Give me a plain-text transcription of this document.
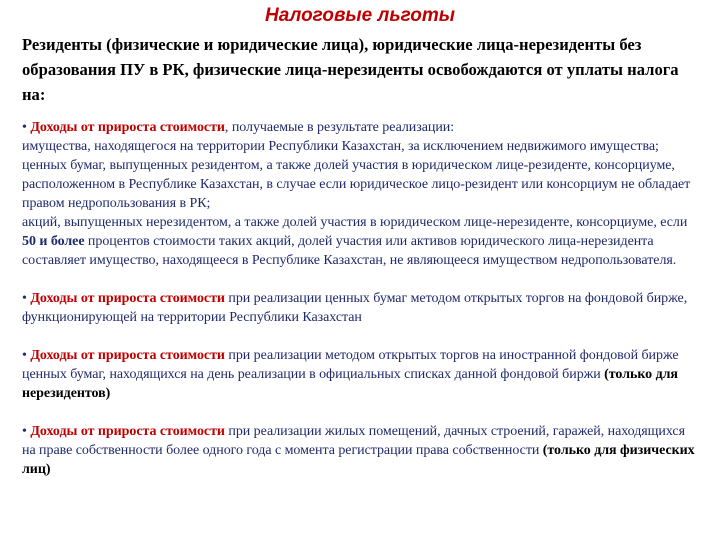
Налоговые льготы

Резиденты (физические и юридические лица), юридические лица-нерезиденты без образования ПУ в РК, физические лица-нерезиденты освобождаются от уплаты налога на:

• Доходы от прироста стоимости, получаемые в результате реализации:

имущества, находящегося на территории Республики Казахстан, за исключением недвижимого имущества;

ценных бумаг, выпущенных резидентом, а также долей участия в юридическом лице-резиденте, консорциуме, расположенном в Республике Казахстан, в случае если юридическое лицо-резидент или консорциум не обладает правом недропользования в РК;

акций, выпущенных нерезидентом, а также долей участия в юридическом лице-нерезиденте, консорциуме, если 50 и более процентов стоимости таких акций, долей участия или активов юридического лица-нерезидента составляет имущество, находящееся в Республике Казахстан, не являющееся имуществом недропользователя.

• Доходы от прироста стоимости при реализации ценных бумаг методом открытых торгов на фондовой бирже, функционирующей на территории Республики Казахстан

• Доходы от прироста стоимости при реализации методом открытых торгов на иностранной фондовой бирже ценных бумаг, находящихся на день реализации в официальных списках данной фондовой биржи (только для нерезидентов)

• Доходы от прироста стоимости при реализации жилых помещений, дачных строений, гаражей, находящихся на праве собственности более одного года с момента регистрации права собственности (только для физических лиц)
